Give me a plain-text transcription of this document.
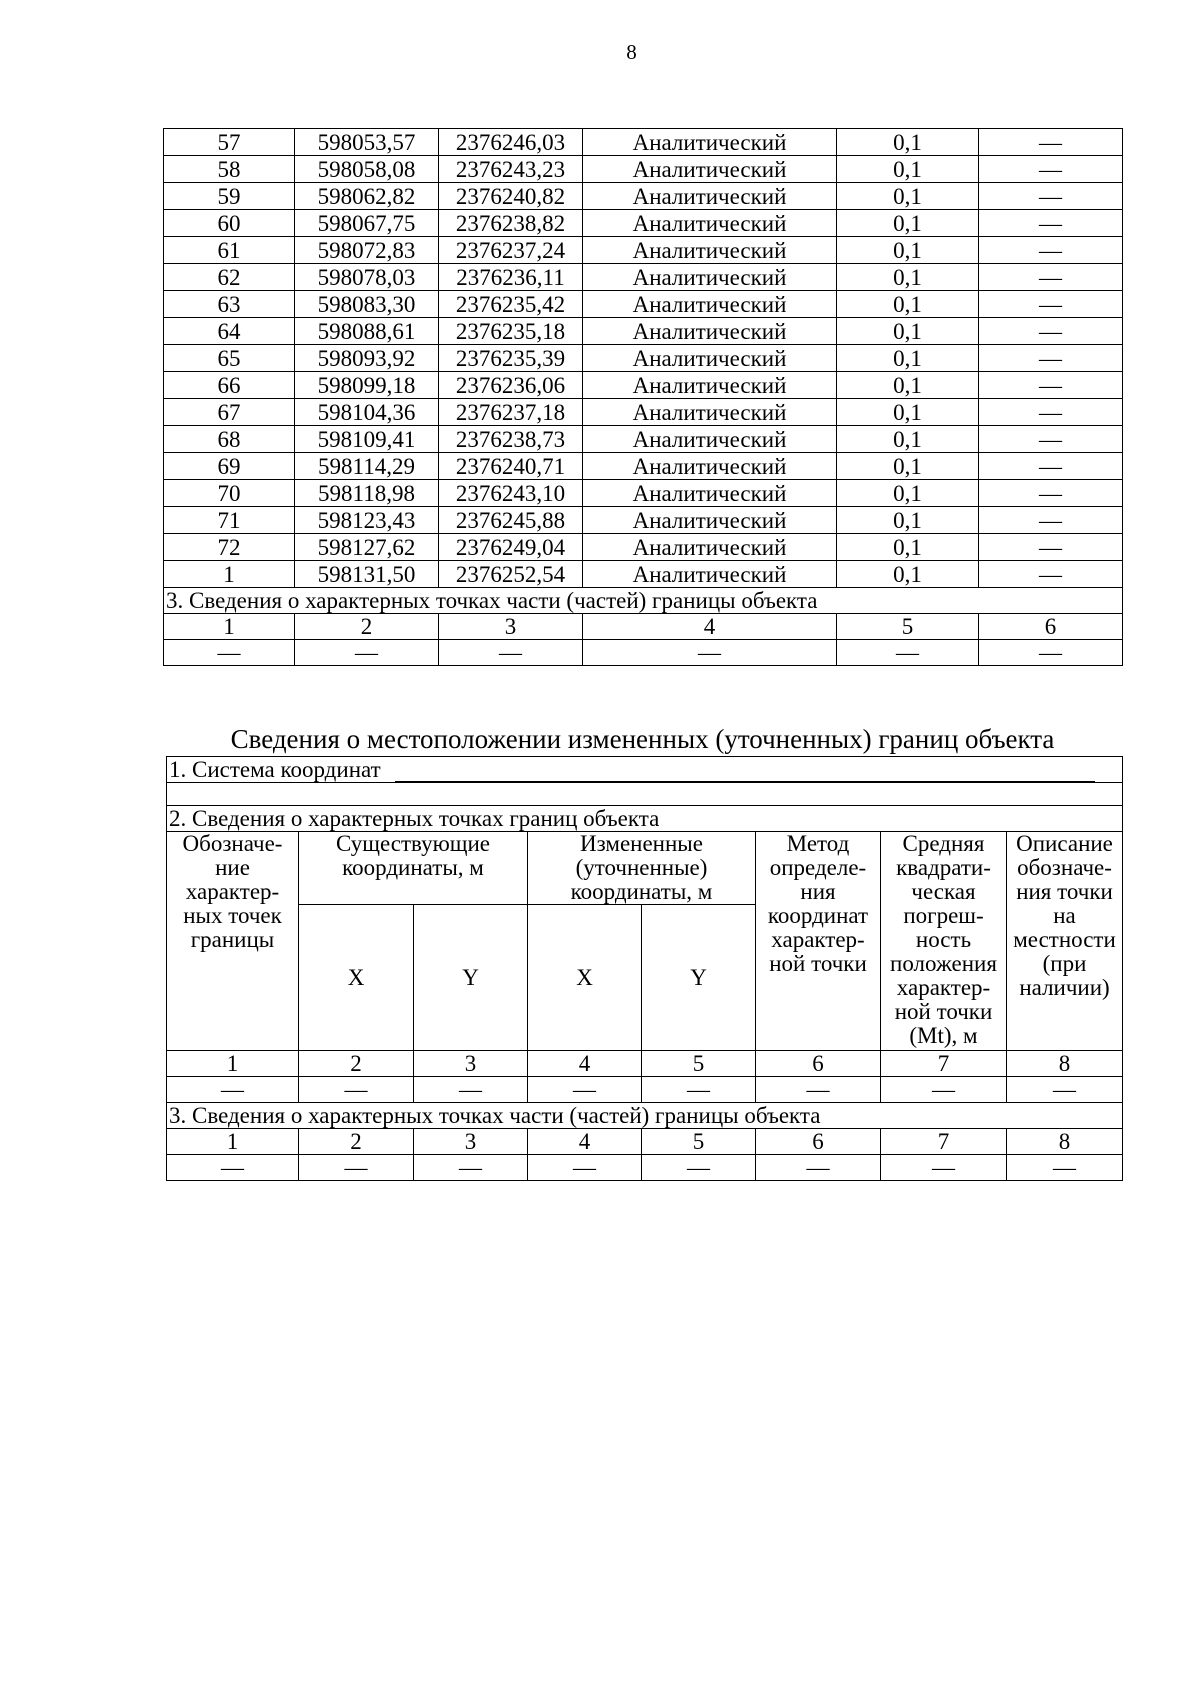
8
57	598053,57	2376246,03	Аналитический	0,1	—
58	598058,08	2376243,23	Аналитический	0,1	—
59	598062,82	2376240,82	Аналитический	0,1	—
60	598067,75	2376238,82	Аналитический	0,1	—
61	598072,83	2376237,24	Аналитический	0,1	—
62	598078,03	2376236,11	Аналитический	0,1	—
63	598083,30	2376235,42	Аналитический	0,1	—
64	598088,61	2376235,18	Аналитический	0,1	—
65	598093,92	2376235,39	Аналитический	0,1	—
66	598099,18	2376236,06	Аналитический	0,1	—
67	598104,36	2376237,18	Аналитический	0,1	—
68	598109,41	2376238,73	Аналитический	0,1	—
69	598114,29	2376240,71	Аналитический	0,1	—
70	598118,98	2376243,10	Аналитический	0,1	—
71	598123,43	2376245,88	Аналитический	0,1	—
72	598127,62	2376249,04	Аналитический	0,1	—
1	598131,50	2376252,54	Аналитический	0,1	—
3. Сведения о характерных точках части (частей) границы объекта					
1	2	3	4	5	6
—	—	—	—	—	—
Сведения о местоположении измененных (уточненных) границ объекта
1. Система координат							

2. Сведения о характерных точках границ объекта							
Обозначе-ние характер-ных точек границы	Существующие координаты, м		Измененные (уточненные) координаты, м		Метод определе-ния координат характер-ной точки	Средняя квадрати-ческая погреш-ность положения характер-ной точки (Mt), м	Описание обозначе-ния точки на местности (при наличии)
	X	Y	X	Y			
1	2	3	4	5	6	7	8
—	—	—	—	—	—	—	—
3. Сведения о характерных точках части (частей) границы объекта							
1	2	3	4	5	6	7	8
—	—	—	—	—	—	—	—
